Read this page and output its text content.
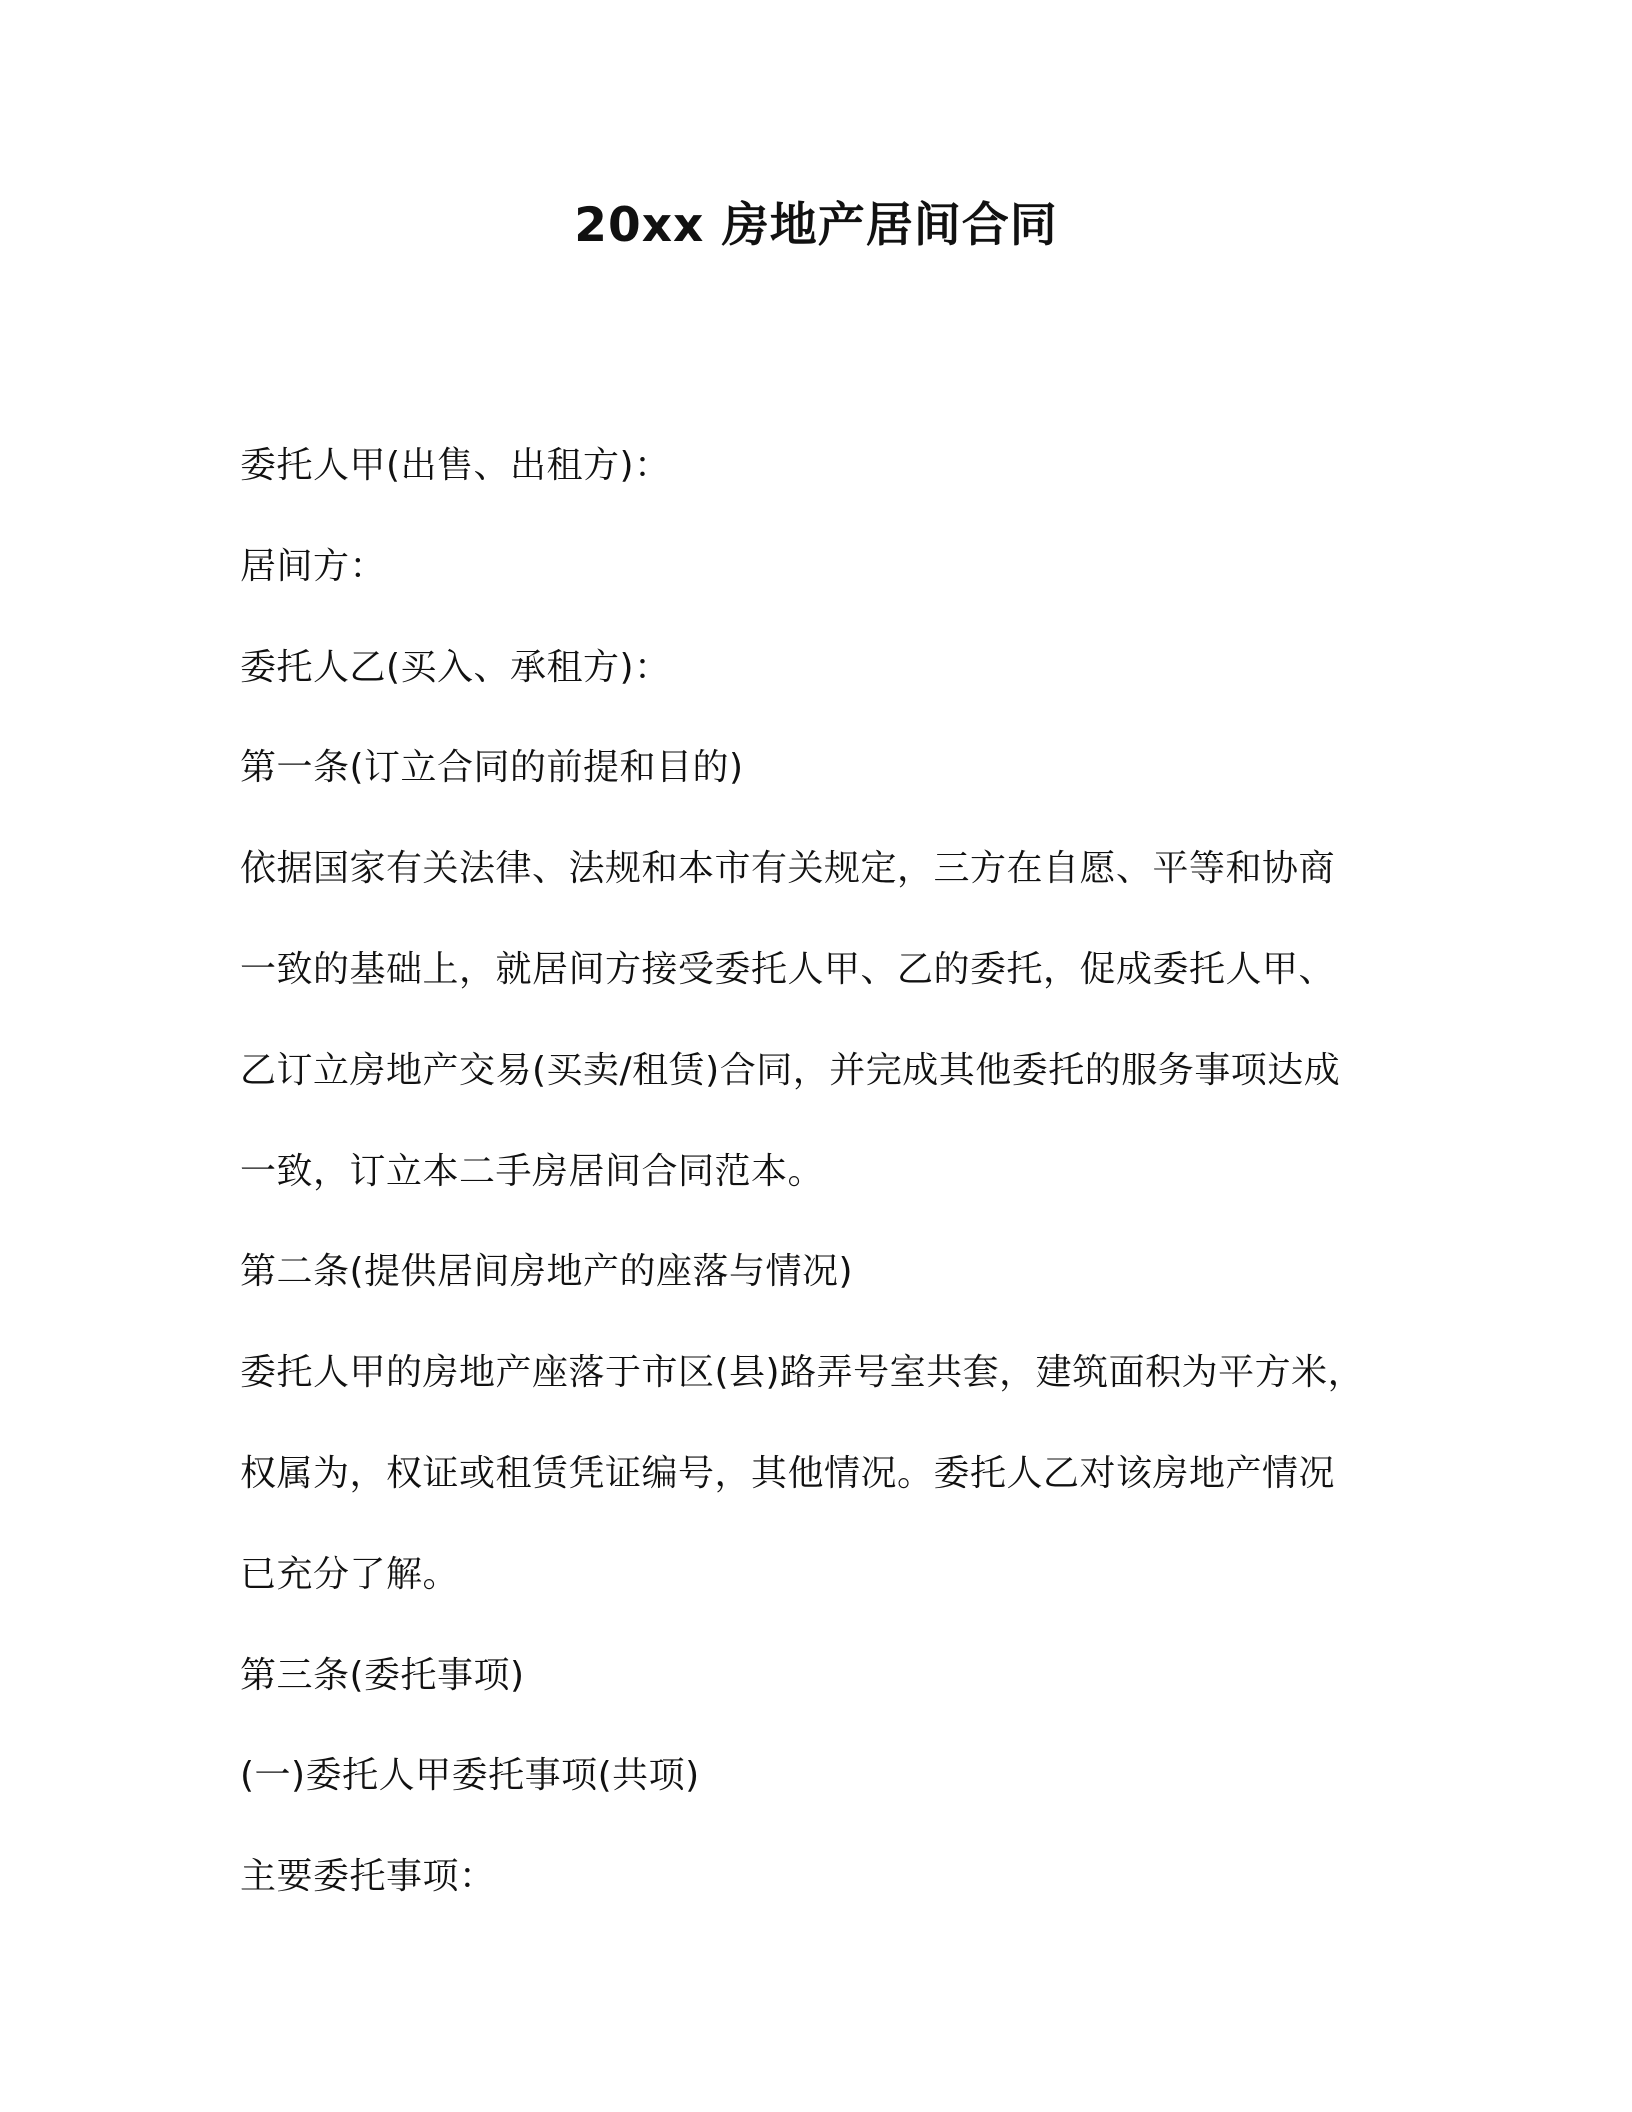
20xx 房地产居间合同

委托人甲(出售、出租方)：

居间方：

委托人乙(买入、承租方)：

第一条(订立合同的前提和目的)

依据国家有关法律、法规和本市有关规定，三方在自愿、平等和协商

一致的基础上，就居间方接受委托人甲、乙的委托，促成委托人甲、

乙订立房地产交易(买卖/租赁)合同，并完成其他委托的服务事项达成

一致，订立本二手房居间合同范本。

第二条(提供居间房地产的座落与情况)

委托人甲的房地产座落于市区(县)路弄号室共套，建筑面积为平方米，

权属为，权证或租赁凭证编号，其他情况。委托人乙对该房地产情况

已充分了解。

第三条(委托事项)

(一)委托人甲委托事项(共项)

主要委托事项：
